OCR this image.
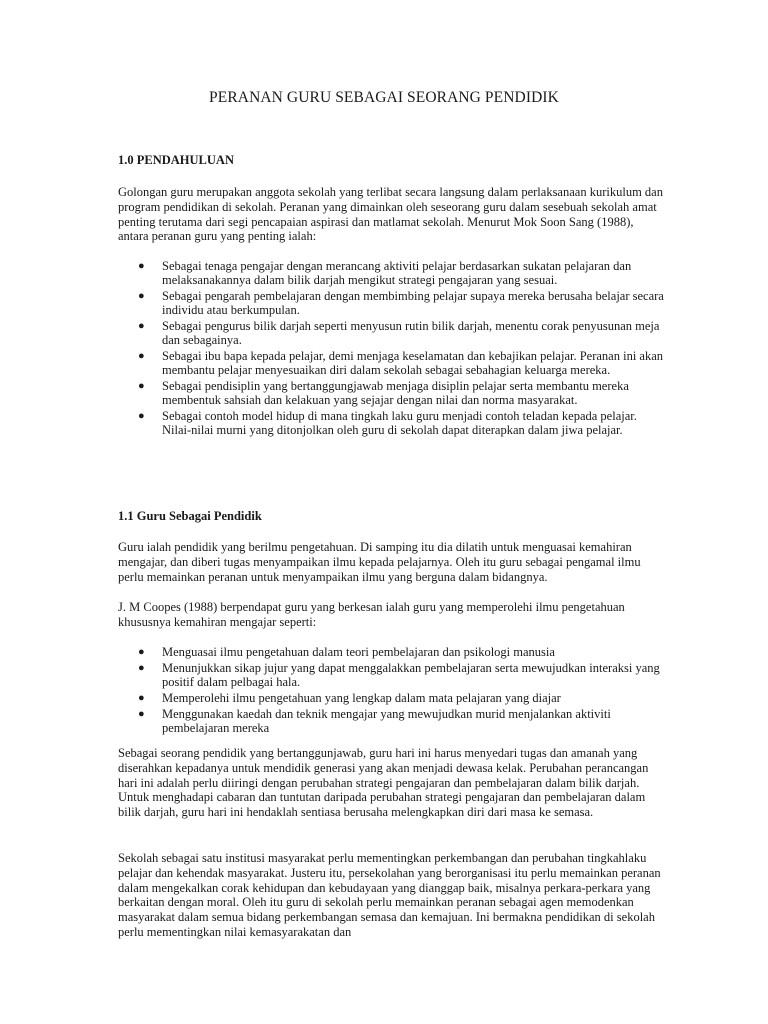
PERANAN GURU SEBAGAI SEORANG PENDIDIK
1.0 PENDAHULUAN

Golongan guru merupakan anggota sekolah yang terlibat secara langsung dalam perlaksanaan kurikulum dan program pendidikan di sekolah. Peranan yang dimainkan oleh seseorang guru dalam sesebuah sekolah amat penting terutama dari segi pencapaian aspirasi dan matlamat sekolah. Menurut Mok Soon Sang (1988), antara peranan guru yang penting ialah:

● Sebagai tenaga pengajar dengan merancang aktiviti pelajar berdasarkan sukatan pelajaran dan melaksanakannya dalam bilik darjah mengikut strategi pengajaran yang sesuai.
● Sebagai pengarah pembelajaran dengan membimbing pelajar supaya mereka berusaha belajar secara individu atau berkumpulan.
● Sebagai pengurus bilik darjah seperti menyusun rutin bilik darjah, menentu corak penyusunan meja dan sebagainya.
● Sebagai ibu bapa kepada pelajar, demi menjaga keselamatan dan kebajikan pelajar. Peranan ini akan membantu pelajar menyesuaikan diri dalam sekolah sebagai sebahagian keluarga mereka.
● Sebagai pendisiplin yang bertanggungjawab menjaga disiplin pelajar serta membantu mereka membentuk sahsiah dan kelakuan yang sejajar dengan nilai dan norma masyarakat.
● Sebagai contoh model hidup di mana tingkah laku guru menjadi contoh teladan kepada pelajar. Nilai-nilai murni yang ditonjolkan oleh guru di sekolah dapat diterapkan dalam jiwa pelajar.
1.1 Guru Sebagai Pendidik

Guru ialah pendidik yang berilmu pengetahuan. Di samping itu dia dilatih untuk menguasai kemahiran mengajar, dan diberi tugas menyampaikan ilmu kepada pelajarnya. Oleh itu guru sebagai pengamal ilmu perlu memainkan peranan untuk menyampaikan ilmu yang berguna dalam bidangnya.

J. M Coopes (1988) berpendapat guru yang berkesan ialah guru yang memperolehi ilmu pengetahuan khususnya kemahiran mengajar seperti:

● Menguasai ilmu pengetahuan dalam teori pembelajaran dan psikologi manusia
● Menunjukkan sikap jujur yang dapat menggalakkan pembelajaran serta mewujudkan interaksi yang positif dalam pelbagai hala.
● Memperolehi ilmu pengetahuan yang lengkap dalam mata pelajaran yang diajar
● Menggunakan kaedah dan teknik mengajar yang mewujudkan murid menjalankan aktiviti pembelajaran mereka

Sebagai seorang pendidik yang bertanggunjawab, guru hari ini harus menyedari tugas dan amanah yang diserahkan kepadanya untuk mendidik generasi yang akan menjadi dewasa kelak. Perubahan perancangan hari ini adalah perlu diiringi dengan perubahan strategi pengajaran dan pembelajaran dalam bilik darjah. Untuk menghadapi cabaran dan tuntutan daripada perubahan strategi pengajaran dan pembelajaran dalam bilik darjah, guru hari ini hendaklah sentiasa berusaha melengkapkan diri dari masa ke semasa.

Sekolah sebagai satu institusi masyarakat perlu mementingkan perkembangan dan perubahan tingkahlaku pelajar dan kehendak masyarakat. Justeru itu, persekolahan yang berorganisasi itu perlu memainkan peranan dalam mengekalkan corak kehidupan dan kebudayaan yang dianggap baik, misalnya perkara-perkara yang berkaitan dengan moral. Oleh itu guru di sekolah perlu memainkan peranan sebagai agen memodenkan masyarakat dalam semua bidang perkembangan semasa dan kemajuan. Ini bermakna pendidikan di sekolah perlu mementingkan nilai kemasyarakatan dan
